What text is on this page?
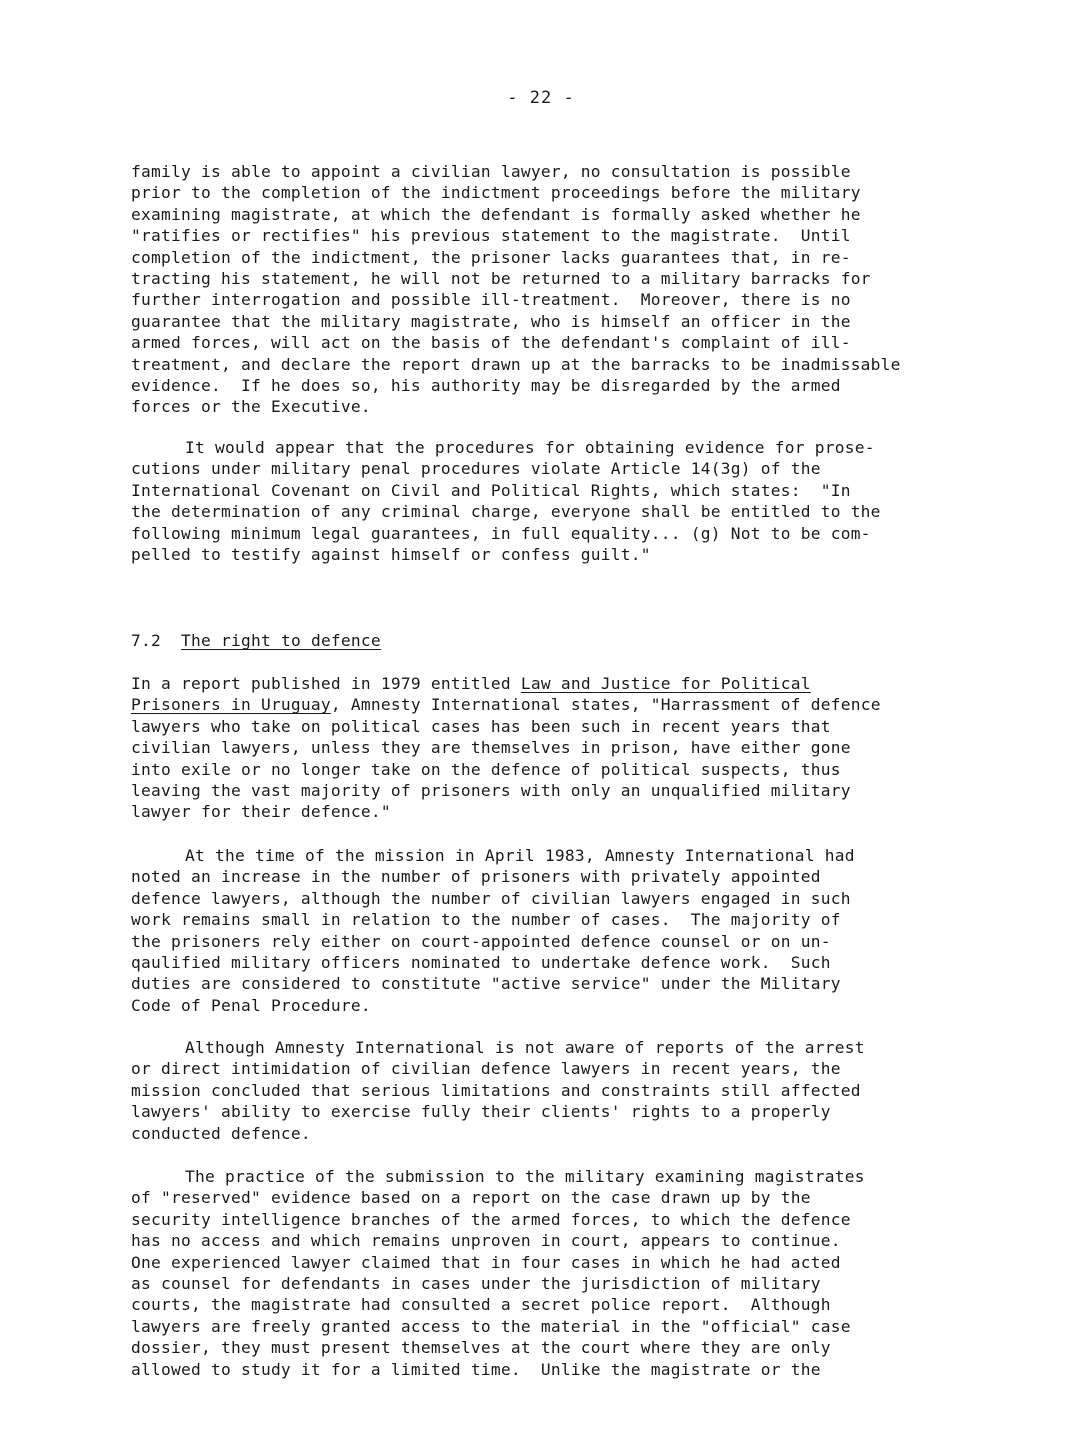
- 22 -
family is able to appoint a civilian lawyer, no consultation is possible
prior to the completion of the indictment proceedings before the military
examining magistrate, at which the defendant is formally asked whether he
"ratifies or rectifies" his previous statement to the magistrate.  Until
completion of the indictment, the prisoner lacks guarantees that, in re-
tracting his statement, he will not be returned to a military barracks for
further interrogation and possible ill-treatment.  Moreover, there is no
guarantee that the military magistrate, who is himself an officer in the
armed forces, will act on the basis of the defendant's complaint of ill-
treatment, and declare the report drawn up at the barracks to be inadmissable
evidence.  If he does so, his authority may be disregarded by the armed
forces or the Executive.
It would appear that the procedures for obtaining evidence for prose-
cutions under military penal procedures violate Article 14(3g) of the
International Covenant on Civil and Political Rights, which states:  "In
the determination of any criminal charge, everyone shall be entitled to the
following minimum legal guarantees, in full equality... (g) Not to be com-
pelled to testify against himself or confess guilt."
7.2 The right to defence
In a report published in 1979 entitled Law and Justice for Political
Prisoners in Uruguay, Amnesty International states, "Harrassment of defence
lawyers who take on political cases has been such in recent years that
civilian lawyers, unless they are themselves in prison, have either gone
into exile or no longer take on the defence of political suspects, thus
leaving the vast majority of prisoners with only an unqualified military
lawyer for their defence."
At the time of the mission in April 1983, Amnesty International had
noted an increase in the number of prisoners with privately appointed
defence lawyers, although the number of civilian lawyers engaged in such
work remains small in relation to the number of cases.  The majority of
the prisoners rely either on court-appointed defence counsel or on un-
qaulified military officers nominated to undertake defence work.  Such
duties are considered to constitute "active service" under the Military
Code of Penal Procedure.
Although Amnesty International is not aware of reports of the arrest
or direct intimidation of civilian defence lawyers in recent years, the
mission concluded that serious limitations and constraints still affected
lawyers' ability to exercise fully their clients' rights to a properly
conducted defence.
The practice of the submission to the military examining magistrates
of "reserved" evidence based on a report on the case drawn up by the
security intelligence branches of the armed forces, to which the defence
has no access and which remains unproven in court, appears to continue.
One experienced lawyer claimed that in four cases in which he had acted
as counsel for defendants in cases under the jurisdiction of military
courts, the magistrate had consulted a secret police report.  Although
lawyers are freely granted access to the material in the "official" case
dossier, they must present themselves at the court where they are only
allowed to study it for a limited time.  Unlike the magistrate or the
